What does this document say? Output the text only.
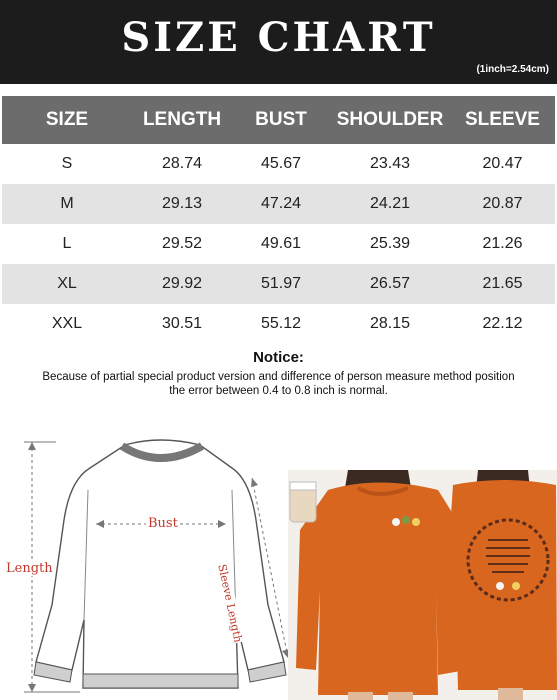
SIZE CHART
(1inch=2.54cm)
SIZE	LENGTH	BUST	SHOULDER	SLEEVE
S	28.74	45.67	23.43	20.47
M	29.13	47.24	24.21	20.87
L	29.52	49.61	25.39	21.26
XL	29.92	51.97	26.57	21.65
XXL	30.51	55.12	28.15	22.12
Notice:
Because of partial special product version and difference of person measure method position
the error between 0.4 to 0.8 inch is normal.
Bust
Length	Sleeve Length
